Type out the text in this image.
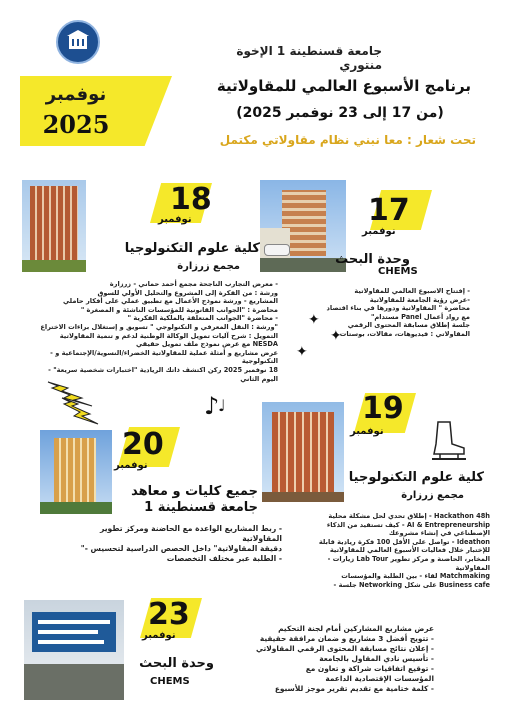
جامعة قسنطينة 1 الإخوة منتوري
برنامج الأسبوع العالمي للمقاولاتية
(من 17 إلى 23 نوفمبر 2025)
تحت شعار : معا نبني نظام مقاولاتي مكتمل
نوفمبر
2025
18
نوفمبر
كلية علوم التكنولوجيا
مجمع زرزارة
- معرض التجارب الناجحة مجمع أحمد حماني - زرزارة
ورشة : من الفكرة إلى المشروع والتحليل الأولي للسوق
المشاريع - ورشة نموذج الأعمال مع تطبيق عملي على أفكار حاملي
محاضرة : "الجوانب القانونية للمؤسسات الناشئة و المصغرة "
- محاضرة "الجوانب المتعلقة بالملكية الفكرية "
"ورشة : النقل المعرفي و التكنولوجي " تسويق و إستغلال براءات الاختراع
التمويل : شرح آليات تمويل الوكالة الوطنية لدعم و تنمية المقاولاتية
NESDA مع عرض نموذج ملف تمويل حقيقي
عرض مشاريع و أمثلة عملية للمقاولاتية الخضراء/النسوية/الإجتماعية و -
التكنولوجية
18 نوفمبر 2025 ركن اكتشف ذاتك الريادية "اختبارات شخصية سريعة" -
اليوم الثاني
17
نوفمبر
وحدة البحث
CHEMS
- إفتتاح الاسبوع العالمي للمقاولاتية
-عرض رؤية الجامعة للمقاولاتية
محاضرة " المقاولاتية ودورها في بناء اقتصاد
مع رواد أعمال Panel مستدام"
جلسة إطلاق مسابقة المحتوى الرقمي
المقاولاتي : فيديوهات، مقالات، بوستات
✦
✦
✦
♪
♩	19
نوفمبر
كلية علوم التكنولوجيا
مجمع زرزارة
Hackathon 48h - إطلاق تحدي لحل مشكلة محلية
AI & Entrepreneurship - كيف تستفيد من الذكاء
الإصطناعي في إنشاء مشروعك
Ideathon - تواصل على الأقل 100 فكرة ريادية قابلة
للإختبار خلال فعاليات الأسبوع العالمي للمقاولاتية
المخابر، الحاضنة و مركز تطوير Lab Tour زيارات -
المقاولاتية
Matchmaking لقاء - بين الطلبة والمؤسسات
Business cafe على شكل Networking جلسة -
20
نوفمبر
جميع كليات و معاهد
جامعة قسنطينة 1
- ربط المشاريع الواعدة مع الحاضنة ومركز تطوير
المقاولاتية
دقيقة المقاولاتية" داخل الحصص الدراسية لتحسيس -"
- الطلبة عبر مختلف التخصصات
23
نوفمبر
وحدة البحث
CHEMS
عرض مشاريع المشاركين أمام لجنة التحكيم
- تتويج أفضل 3 مشاريع و ضمان مرافقة حقيقية
- إعلان نتائج مسابقة المحتوى الرقمي المقاولاتي
- تأسيس نادي المقاول بالجامعة
- توقيع اتفاقيات شراكة و تعاون مع
المؤسسات الإقتصادية الداعمة
- كلمة ختامية مع تقديم تقرير موجز للأسبوع
